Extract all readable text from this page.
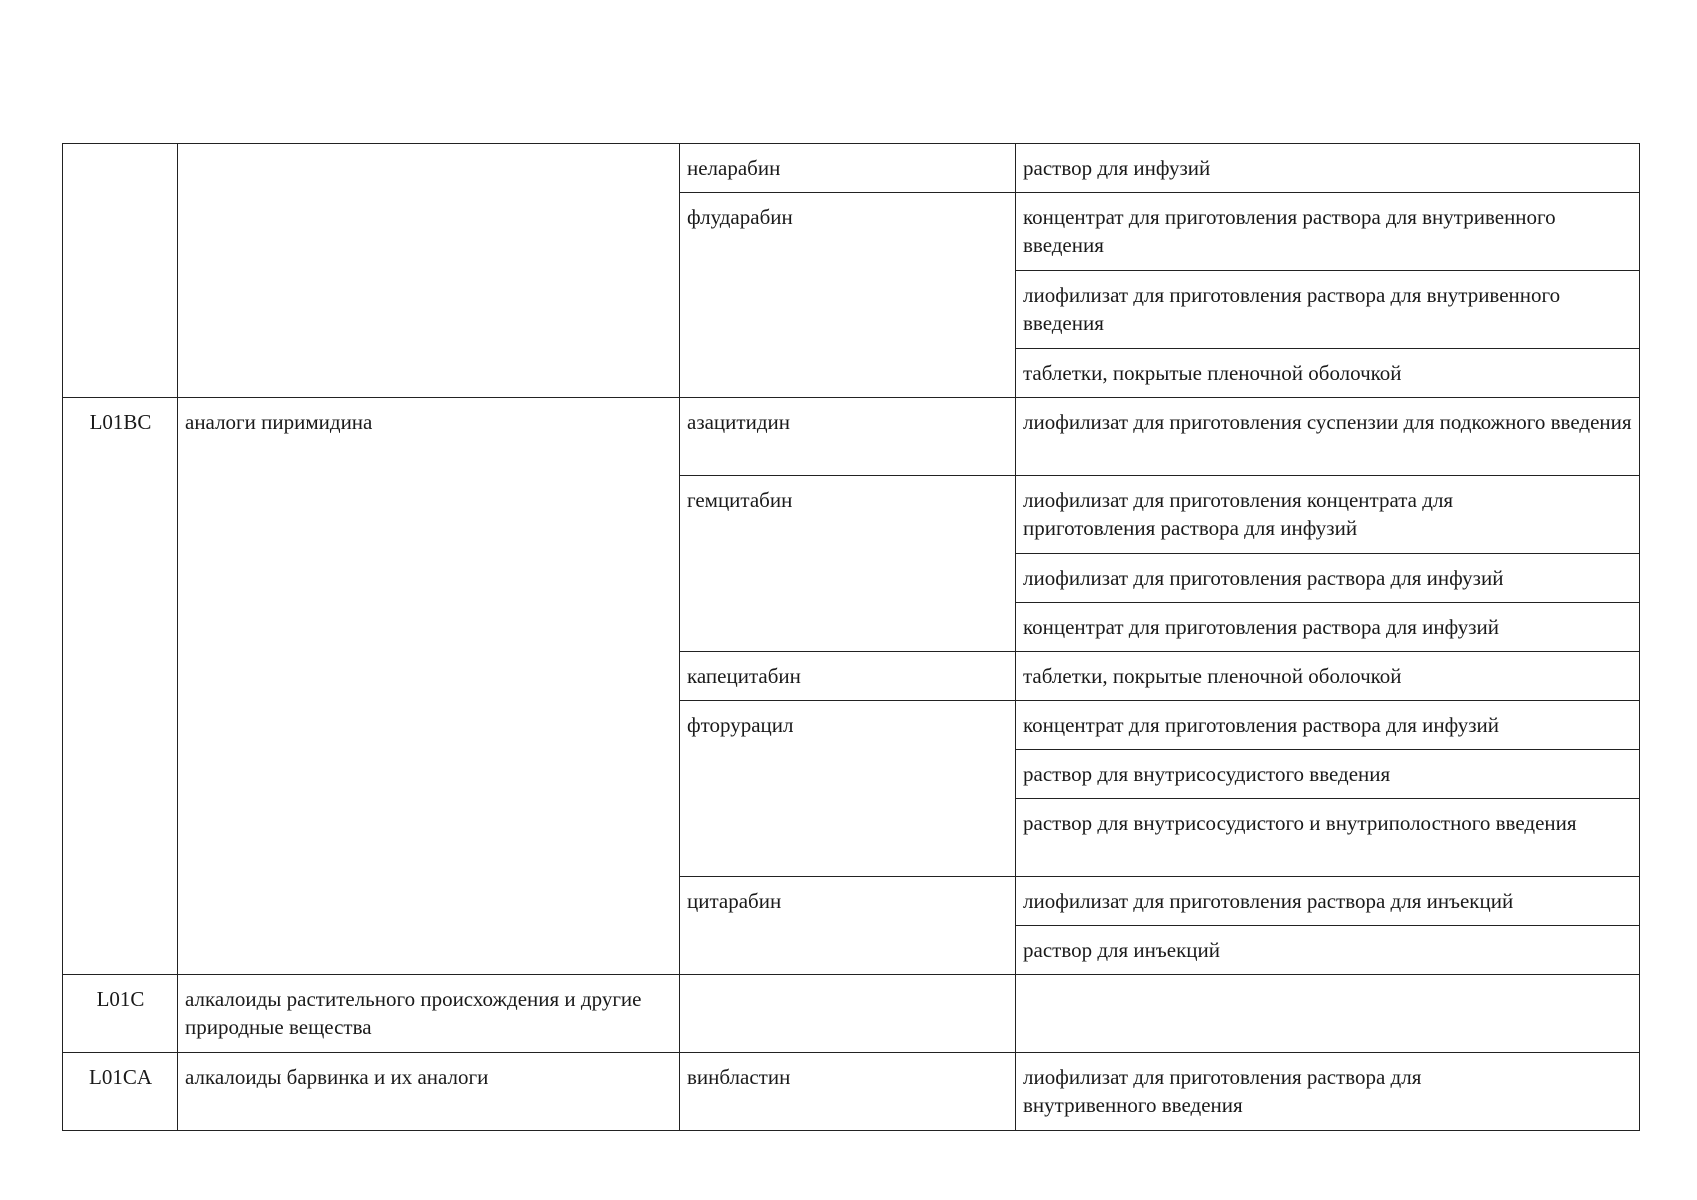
		неларабин	раствор для инфузий
		флударабин	концентрат для приготовления раствора для внутривенного введения
			лиофилизат для приготовления раствора для внутривенного введения
			таблетки, покрытые пленочной оболочкой
L01BC	аналоги пиримидина	азацитидин	лиофилизат для приготовления суспензии для подкожного введения
		гемцитабин	лиофилизат для приготовления концентрата для приготовления раствора для инфузий

			лиофилизат для приготовления раствора для инфузий
			концентрат для приготовления раствора для инфузий
		капецитабин	таблетки, покрытые пленочной оболочкой
		фторурацил	концентрат для приготовления раствора для инфузий
			раствор для внутрисосудистого введения
			раствор для внутрисосудистого и внутриполостного введения
		цитарабин	лиофилизат для приготовления раствора для инъекций
			раствор для инъекций
L01C	алкалоиды растительного происхождения и другие природные вещества		
L01CA	алкалоиды барвинка и их аналоги	винбластин	лиофилизат для приготовления раствора для внутривенного введения
